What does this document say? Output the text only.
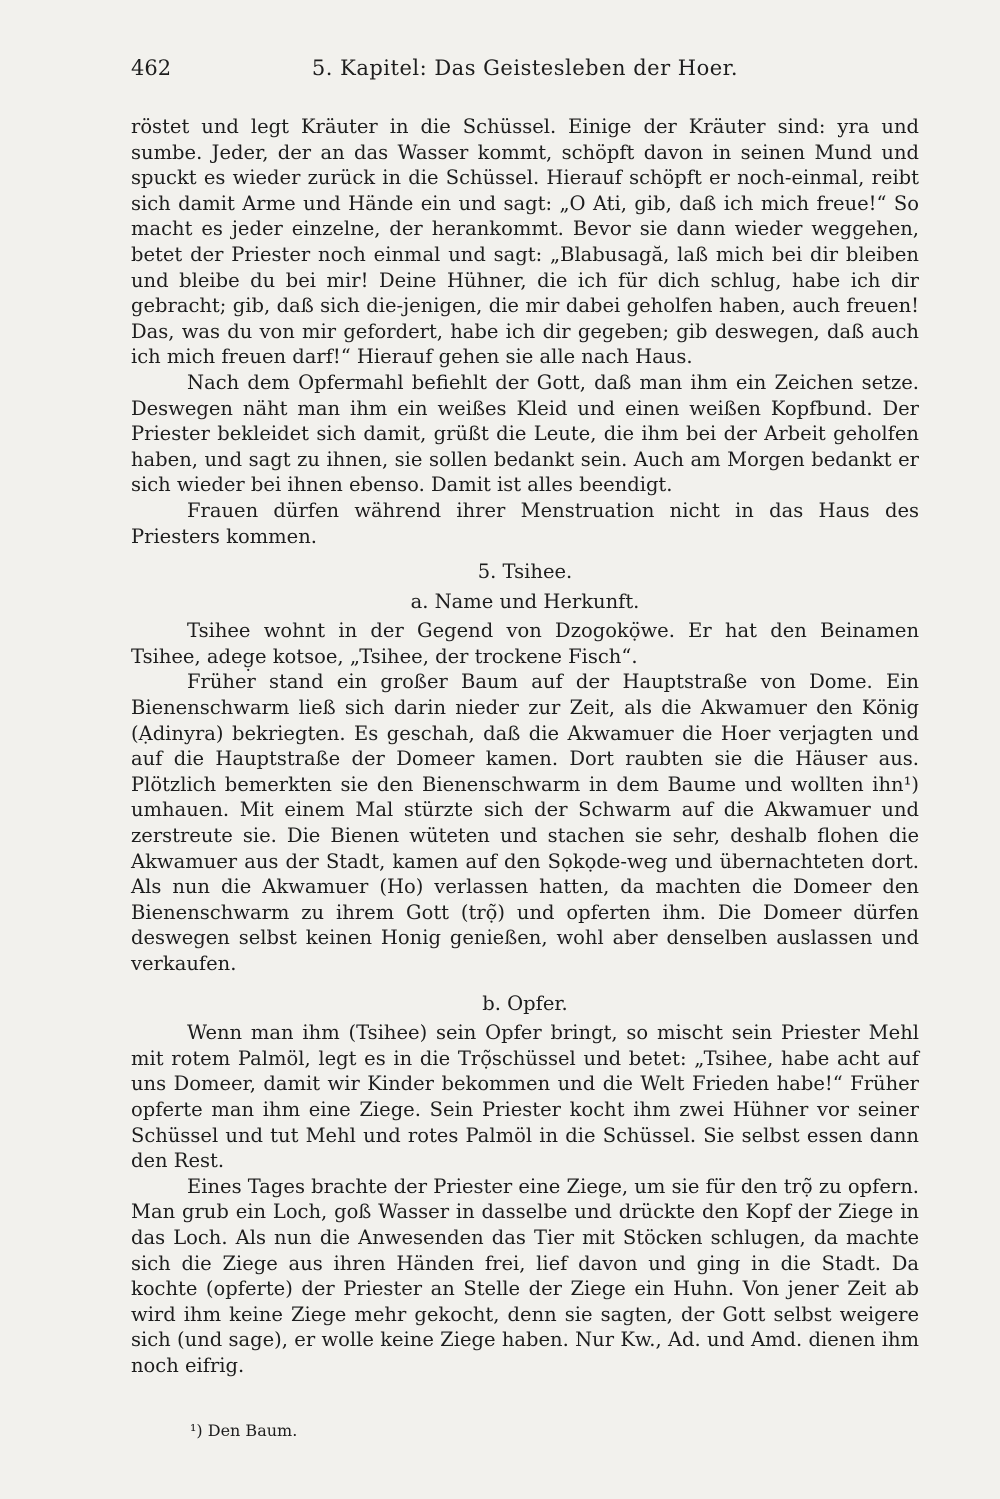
462	5. Kapitel: Das Geistesleben der Hoer.

röstet und legt Kräuter in die Schüssel. Einige der Kräuter sind: yra und sumbe. Jeder, der an das Wasser kommt, schöpft davon in seinen Mund und spuckt es wieder zurück in die Schüssel. Hierauf schöpft er noch-einmal, reibt sich damit Arme und Hände ein und sagt: „O Ati, gib, daß ich mich freue!“ So macht es jeder einzelne, der herankommt. Bevor sie dann wieder weggehen, betet der Priester noch einmal und sagt: „Blabusagă, laß mich bei dir bleiben und bleibe du bei mir! Deine Hühner, die ich für dich schlug, habe ich dir gebracht; gib, daß sich die-jenigen, die mir dabei geholfen haben, auch freuen! Das, was du von mir gefordert, habe ich dir gegeben; gib deswegen, daß auch ich mich freuen darf!“ Hierauf gehen sie alle nach Haus.

Nach dem Opfermahl befiehlt der Gott, daß man ihm ein Zeichen setze. Deswegen näht man ihm ein weißes Kleid und einen weißen Kopfbund. Der Priester bekleidet sich damit, grüßt die Leute, die ihm bei der Arbeit geholfen haben, und sagt zu ihnen, sie sollen bedankt sein. Auch am Morgen bedankt er sich wieder bei ihnen ebenso. Damit ist alles beendigt.

Frauen dürfen während ihrer Menstruation nicht in das Haus des Priesters kommen.

5. Tsihee.
a. Name und Herkunft.

Tsihee wohnt in der Gegend von Dzogokọ̈we. Er hat den Beinamen Tsihee, adeg̣e kotsoe, „Tsihee, der trockene Fisch“.

Früher stand ein großer Baum auf der Hauptstraße von Dome. Ein Bienenschwarm ließ sich darin nieder zur Zeit, als die Akwamuer den König (Ạdinyra) bekriegten. Es geschah, daß die Akwamuer die Hoer verjagten und auf die Hauptstraße der Domeer kamen. Dort raubten sie die Häuser aus. Plötzlich bemerkten sie den Bienenschwarm in dem Baume und wollten ihn¹) umhauen. Mit einem Mal stürzte sich der Schwarm auf die Akwamuer und zerstreute sie. Die Bienen wüteten und stachen sie sehr, deshalb flohen die Akwamuer aus der Stadt, kamen auf den Sọkọde-weg und übernachteten dort. Als nun die Akwamuer (Ho) verlassen hatten, da machten die Domeer den Bienenschwarm zu ihrem Gott (trọ̃) und opferten ihm. Die Domeer dürfen deswegen selbst keinen Honig genießen, wohl aber denselben auslassen und verkaufen.

b. Opfer.

Wenn man ihm (Tsihee) sein Opfer bringt, so mischt sein Priester Mehl mit rotem Palmöl, legt es in die Trọ̃schüssel und betet: „Tsihee, habe acht auf uns Domeer, damit wir Kinder bekommen und die Welt Frieden habe!“ Früher opferte man ihm eine Ziege. Sein Priester kocht ihm zwei Hühner vor seiner Schüssel und tut Mehl und rotes Palmöl in die Schüssel. Sie selbst essen dann den Rest.

Eines Tages brachte der Priester eine Ziege, um sie für den trọ̃ zu opfern. Man grub ein Loch, goß Wasser in dasselbe und drückte den Kopf der Ziege in das Loch. Als nun die Anwesenden das Tier mit Stöcken schlugen, da machte sich die Ziege aus ihren Händen frei, lief davon und ging in die Stadt. Da kochte (opferte) der Priester an Stelle der Ziege ein Huhn. Von jener Zeit ab wird ihm keine Ziege mehr gekocht, denn sie sagten, der Gott selbst weigere sich (und sage), er wolle keine Ziege haben. Nur Kw., Ad. und Amd. dienen ihm noch eifrig.

¹) Den Baum.
